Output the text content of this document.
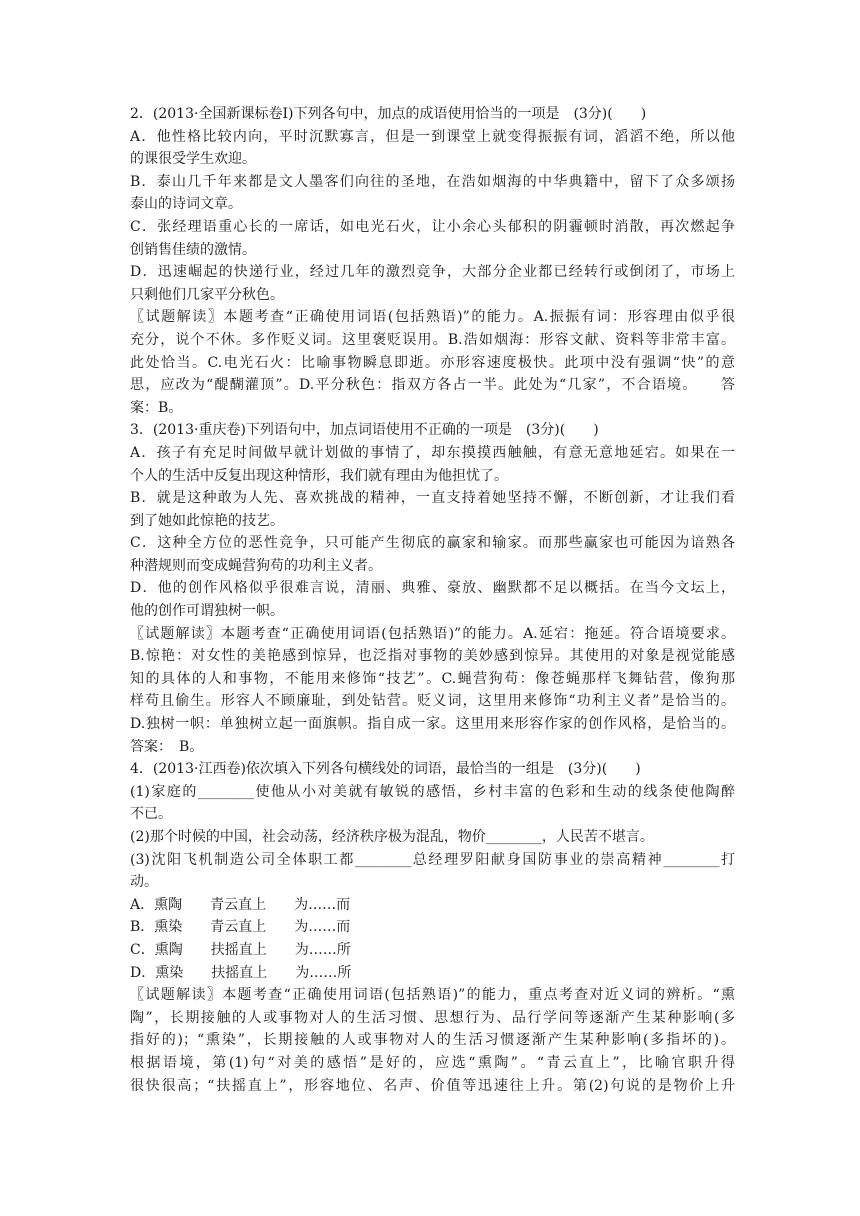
2．(2013·全国新课标卷Ⅰ)下列各句中，加点的成语使用恰当的一项是　(3分)(　　)
A．他性格比较内向，平时沉默寡言，但是一到课堂上就变得振振有词，滔滔不绝，所以他
的课很受学生欢迎。
B．泰山几千年来都是文人墨客们向往的圣地，在浩如烟海的中华典籍中，留下了众多颂扬
泰山的诗词文章。
C．张经理语重心长的一席话，如电光石火，让小余心头郁积的阴霾顿时消散，再次燃起争
创销售佳绩的激情。
D．迅速崛起的快递行业，经过几年的激烈竞争，大部分企业都已经转行或倒闭了，市场上
只剩他们几家平分秋色。
〖试题解读〗本题考查“正确使用词语(包括熟语)”的能力。A.振振有词：形容理由似乎很
充分，说个不休。多作贬义词。这里褒贬误用。B.浩如烟海：形容文献、资料等非常丰富。
此处恰当。C.电光石火：比喻事物瞬息即逝。亦形容速度极快。此项中没有强调“快”的意
思，应改为“醍醐灌顶”。D.平分秋色：指双方各占一半。此处为“几家”，不合语境。　　答
案：B。
3．(2013·重庆卷)下列语句中，加点词语使用不正确的一项是　(3分)(　　)
A．孩子有充足时间做早就计划做的事情了，却东摸摸西触触，有意无意地延宕。如果在一
个人的生活中反复出现这种情形，我们就有理由为他担忧了。
B．就是这种敢为人先、喜欢挑战的精神，一直支持着她坚持不懈，不断创新，才让我们看
到了她如此惊艳的技艺。
C．这种全方位的恶性竞争，只可能产生彻底的赢家和输家。而那些赢家也可能因为谙熟各
种潜规则而变成蝇营狗苟的功利主义者。
D．他的创作风格似乎很难言说，清丽、典雅、豪放、幽默都不足以概括。在当今文坛上，
他的创作可谓独树一帜。
〖试题解读〗本题考查“正确使用词语(包括熟语)”的能力。A.延宕：拖延。符合语境要求。
B.惊艳：对女性的美艳感到惊异，也泛指对事物的美妙感到惊异。其使用的对象是视觉能感
知的具体的人和事物，不能用来修饰“技艺”。C.蝇营狗苟：像苍蝇那样飞舞钻营，像狗那
样苟且偷生。形容人不顾廉耻，到处钻营。贬义词，这里用来修饰“功利主义者”是恰当的。
D.独树一帜：单独树立起一面旗帜。指自成一家。这里用来形容作家的创作风格，是恰当的。
答案：　B。
4．(2013·江西卷)依次填入下列各句横线处的词语，最恰当的一组是　(3分)(　　)
(1)家庭的________使他从小对美就有敏锐的感悟，乡村丰富的色彩和生动的线条使他陶醉
不已。
(2)那个时候的中国，社会动荡，经济秩序极为混乱，物价________，人民苦不堪言。
(3)沈阳飞机制造公司全体职工都________总经理罗阳献身国防事业的崇高精神________打
动。
A．熏陶　　青云直上　　为……而
B．熏染　　青云直上　　为……而
C．熏陶　　扶摇直上　　为……所
D．熏染　　扶摇直上　　为……所
〖试题解读〗本题考查“正确使用词语(包括熟语)”的能力，重点考查对近义词的辨析。“熏
陶”，长期接触的人或事物对人的生活习惯、思想行为、品行学问等逐渐产生某种影响(多
指好的)；“熏染”，长期接触的人或事物对人的生活习惯逐渐产生某种影响(多指坏的)。
根据语境，第(1)句“对美的感悟”是好的，应选“熏陶”。“青云直上”，比喻官职升得
很快很高；“扶摇直上”，形容地位、名声、价值等迅速往上升。第(2)句说的是物价上升
